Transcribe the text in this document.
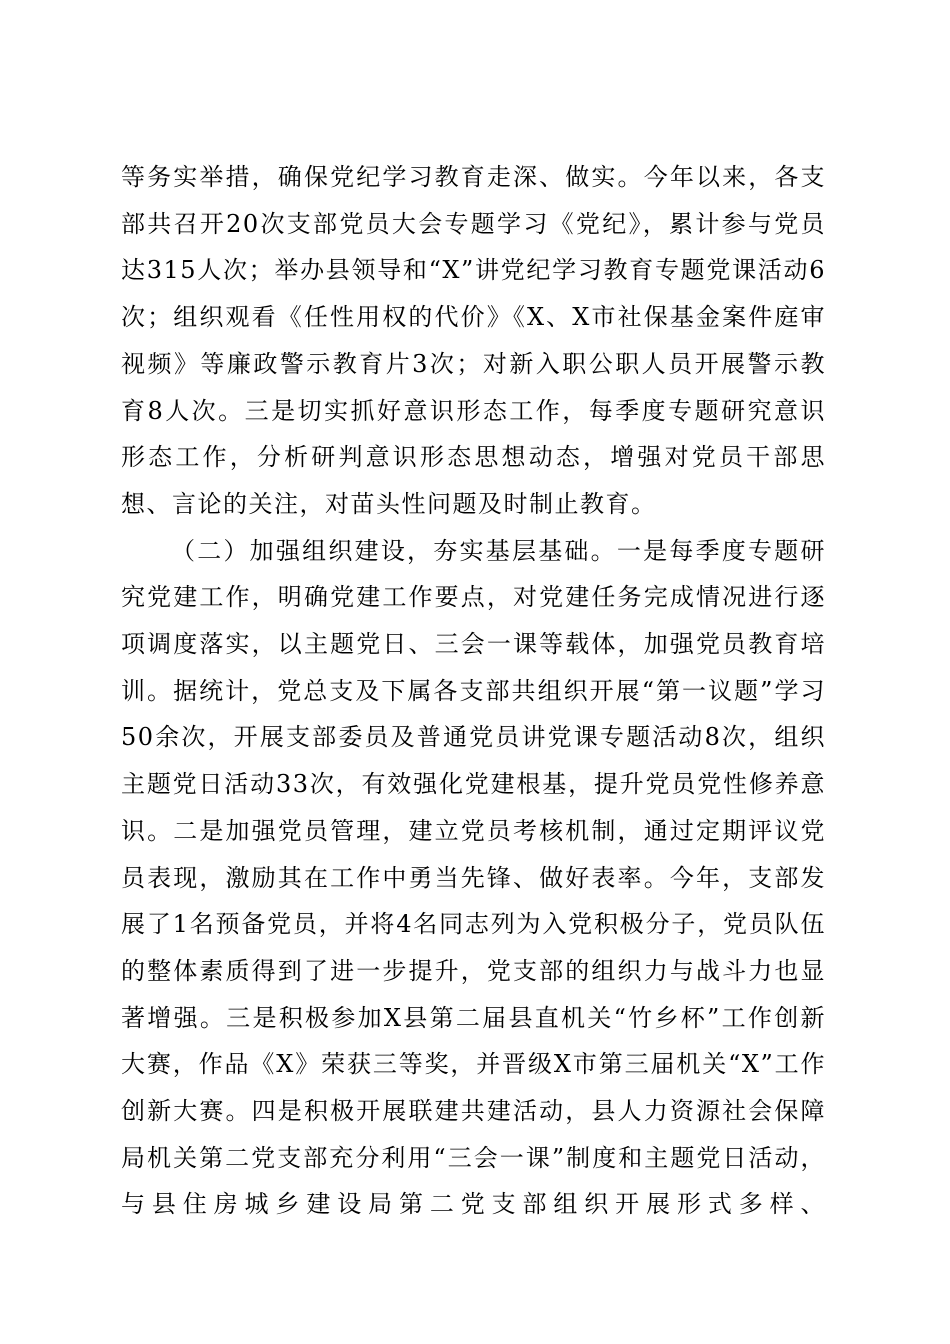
等务实举措，确保党纪学习教育走深、做实。今年以来，各支部共召开20次支部党员大会专题学习《党纪》，累计参与党员达315人次；举办县领导和“X”讲党纪学习教育专题党课活动6次；组织观看《任性用权的代价》《X、X市社保基金案件庭审视频》等廉政警示教育片3次；对新入职公职人员开展警示教育8人次。三是切实抓好意识形态工作，每季度专题研究意识形态工作，分析研判意识形态思想动态，增强对党员干部思想、言论的关注，对苗头性问题及时制止教育。

（二）加强组织建设，夯实基层基础。一是每季度专题研究党建工作，明确党建工作要点，对党建任务完成情况进行逐项调度落实，以主题党日、三会一课等载体，加强党员教育培训。据统计，党总支及下属各支部共组织开展“第一议题”学习50余次，开展支部委员及普通党员讲党课专题活动8次，组织主题党日活动33次，有效强化党建根基，提升党员党性修养意识。二是加强党员管理，建立党员考核机制，通过定期评议党员表现，激励其在工作中勇当先锋、做好表率。今年，支部发展了1名预备党员，并将4名同志列为入党积极分子，党员队伍的整体素质得到了进一步提升，党支部的组织力与战斗力也显著增强。三是积极参加X县第二届县直机关“竹乡杯”工作创新大赛，作品《X》荣获三等奖，并晋级X市第三届机关“X”工作创新大赛。四是积极开展联建共建活动，县人力资源社会保障局机关第二党支部充分利用“三会一课”制度和主题党日活动，与县住房城乡建设局第二党支部组织开展形式多样、
